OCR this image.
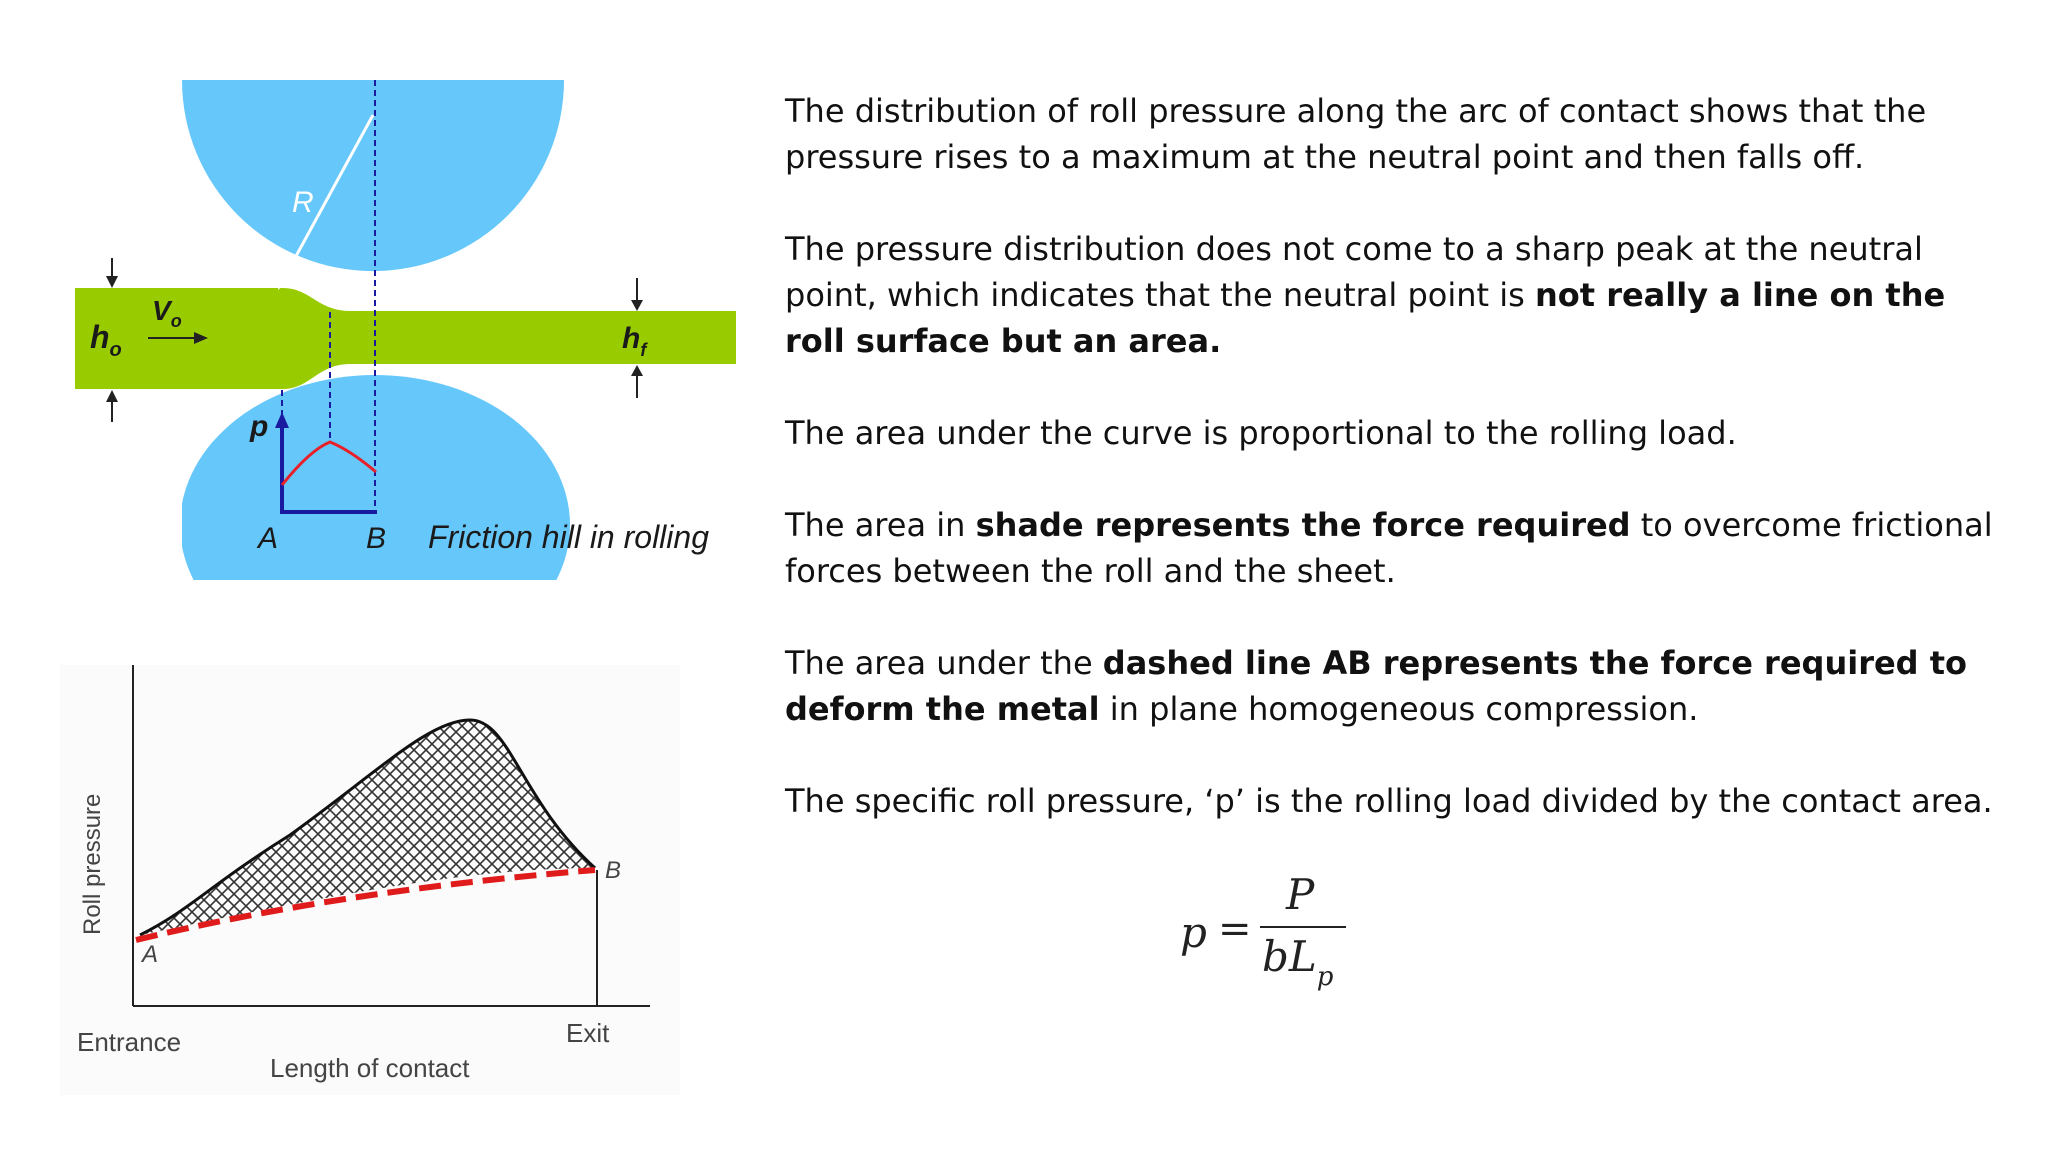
R
N
$h_o$
$V_o$
$h_f$
p
A	B Friction hill in rolling
A
B
Roll pressure
Entrance	Exit
Length of contact

The distribution of roll pressure along the arc of contact shows that the pressure rises to a maximum at the neutral point and then falls off.

The pressure distribution does not come to a sharp peak at the neutral point, which indicates that the neutral point is not really a line on the roll surface but an area.

The area under the curve is proportional to the rolling load.

The area in shade represents the force required to overcome frictional forces between the roll and the sheet.

The area under the dashed line AB represents the force required to deform the metal in plane homogeneous compression.

The specific roll pressure, ‘p’ is the rolling load divided by the contact area.

p =
P
$bL_p$
